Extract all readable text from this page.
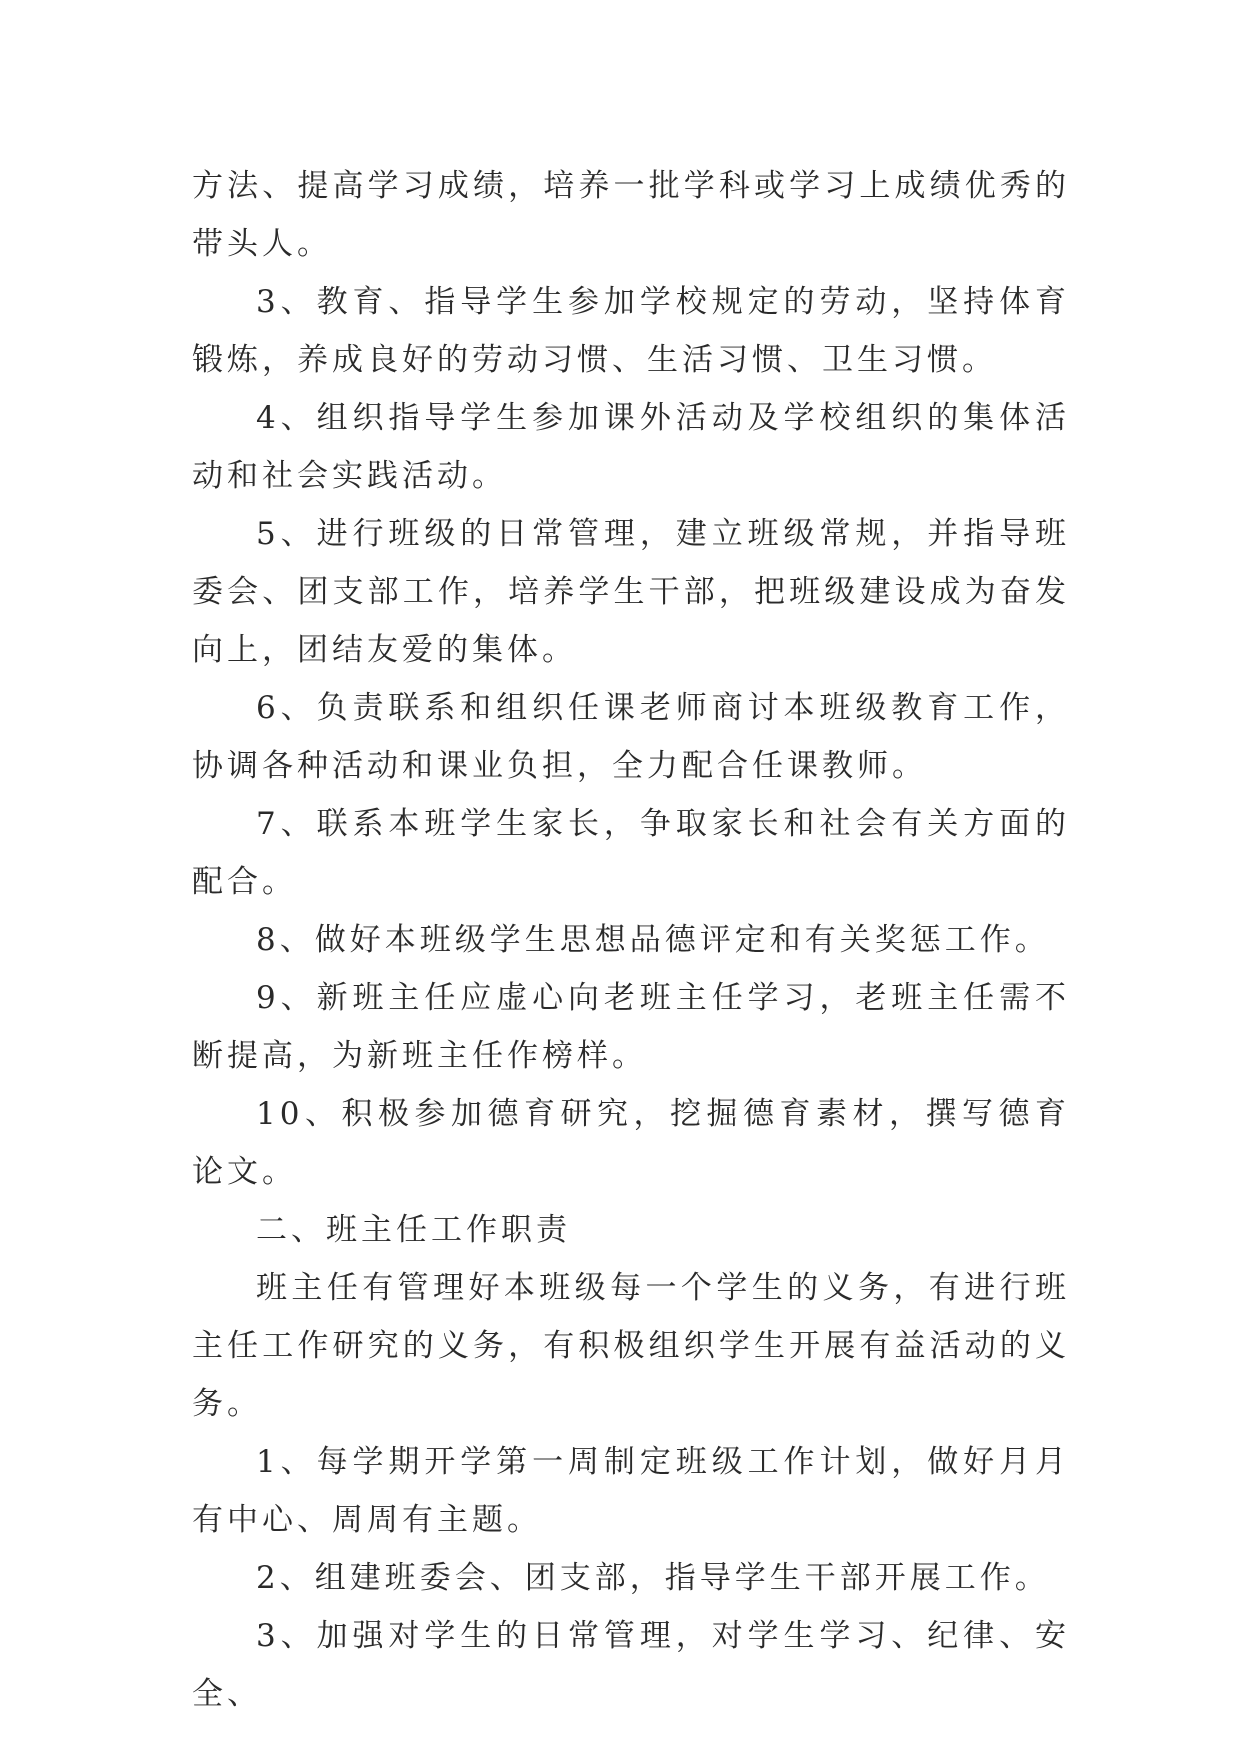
方法、提高学习成绩，培养一批学科或学习上成绩优秀的带头人。

3、教育、指导学生参加学校规定的劳动，坚持体育锻炼，养成良好的劳动习惯、生活习惯、卫生习惯。

4、组织指导学生参加课外活动及学校组织的集体活动和社会实践活动。

5、进行班级的日常管理，建立班级常规，并指导班委会、团支部工作，培养学生干部，把班级建设成为奋发向上，团结友爱的集体。

6、负责联系和组织任课老师商讨本班级教育工作，协调各种活动和课业负担，全力配合任课教师。

7、联系本班学生家长，争取家长和社会有关方面的配合。

8、做好本班级学生思想品德评定和有关奖惩工作。

9、新班主任应虚心向老班主任学习，老班主任需不断提高，为新班主任作榜样。

10、积极参加德育研究，挖掘德育素材，撰写德育论文。

二、班主任工作职责

班主任有管理好本班级每一个学生的义务，有进行班主任工作研究的义务，有积极组织学生开展有益活动的义务。

1、每学期开学第一周制定班级工作计划，做好月月有中心、周周有主题。

2、组建班委会、团支部，指导学生干部开展工作。

3、加强对学生的日常管理，对学生学习、纪律、安全、
